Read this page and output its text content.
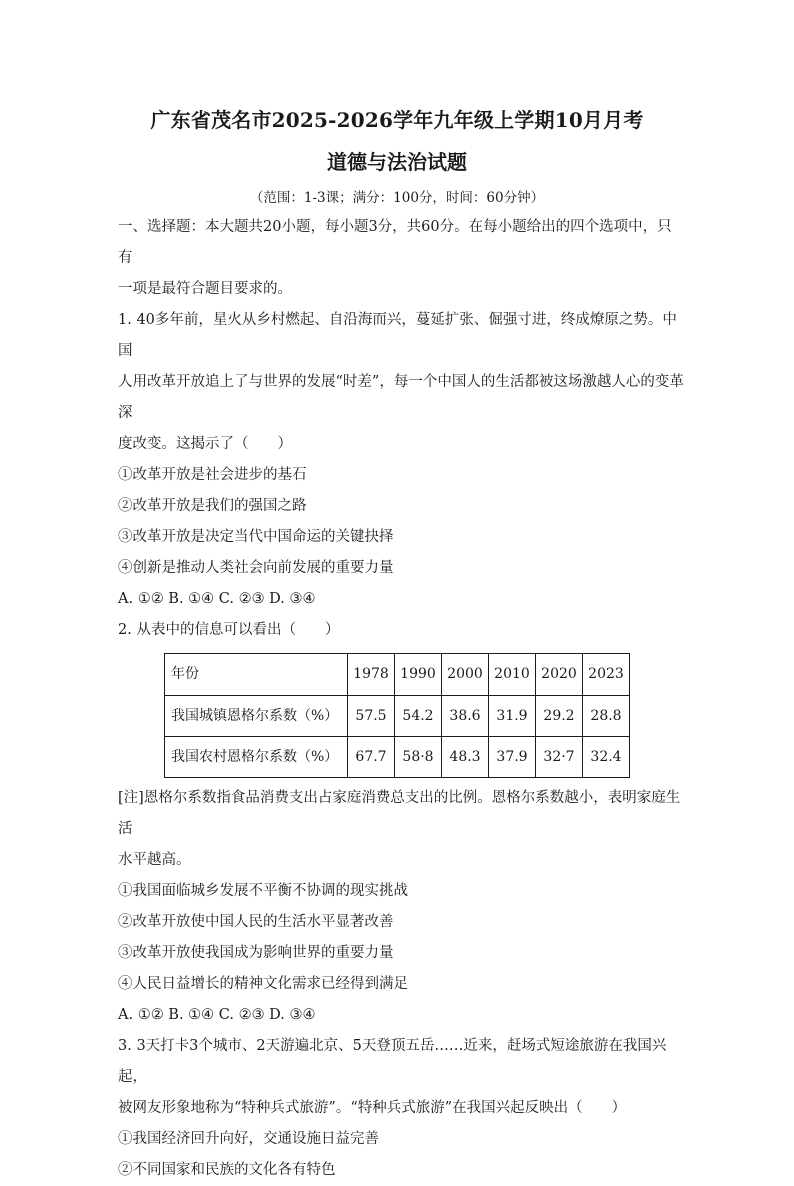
广东省茂名市2025-2026学年九年级上学期10月月考
道德与法治试题
（范围：1-3课；满分：100分，时间：60分钟）

一、选择题：本大题共20小题，每小题3分，共60分。在每小题给出的四个选项中，只有

一项是最符合题目要求的。

1. 40多年前，星火从乡村燃起、自沿海而兴，蔓延扩张、倔强寸进，终成燎原之势。中国

人用改革开放追上了与世界的发展“时差”，每一个中国人的生活都被这场激越人心的变革深

度改变。这揭示了（　　）

①改革开放是社会进步的基石

②改革开放是我们的强国之路

③改革开放是决定当代中国命运的关键抉择

④创新是推动人类社会向前发展的重要力量

A. ①② B. ①④ C. ②③ D. ③④

2. 从表中的信息可以看出（　　）

年份	1978	1990	2000	2010	2020	2023
我国城镇恩格尔系数（%）	57.5	54.2	38.6	31.9	29.2	28.8
我国农村恩格尔系数（%）	67.7	58·8	48.3	37.9	32·7	32.4

[注]恩格尔系数指食品消费支出占家庭消费总支出的比例。恩格尔系数越小，表明家庭生活

水平越高。

①我国面临城乡发展不平衡不协调的现实挑战

②改革开放使中国人民的生活水平显著改善

③改革开放使我国成为影响世界的重要力量

④人民日益增长的精神文化需求已经得到满足

A. ①② B. ①④ C. ②③ D. ③④

3. 3天打卡3个城市、2天游遍北京、5天登顶五岳……近来，赶场式短途旅游在我国兴起，

被网友形象地称为“特种兵式旅游”。“特种兵式旅游”在我国兴起反映出（　　）

①我国经济回升向好，交通设施日益完善

②不同国家和民族的文化各有特色
